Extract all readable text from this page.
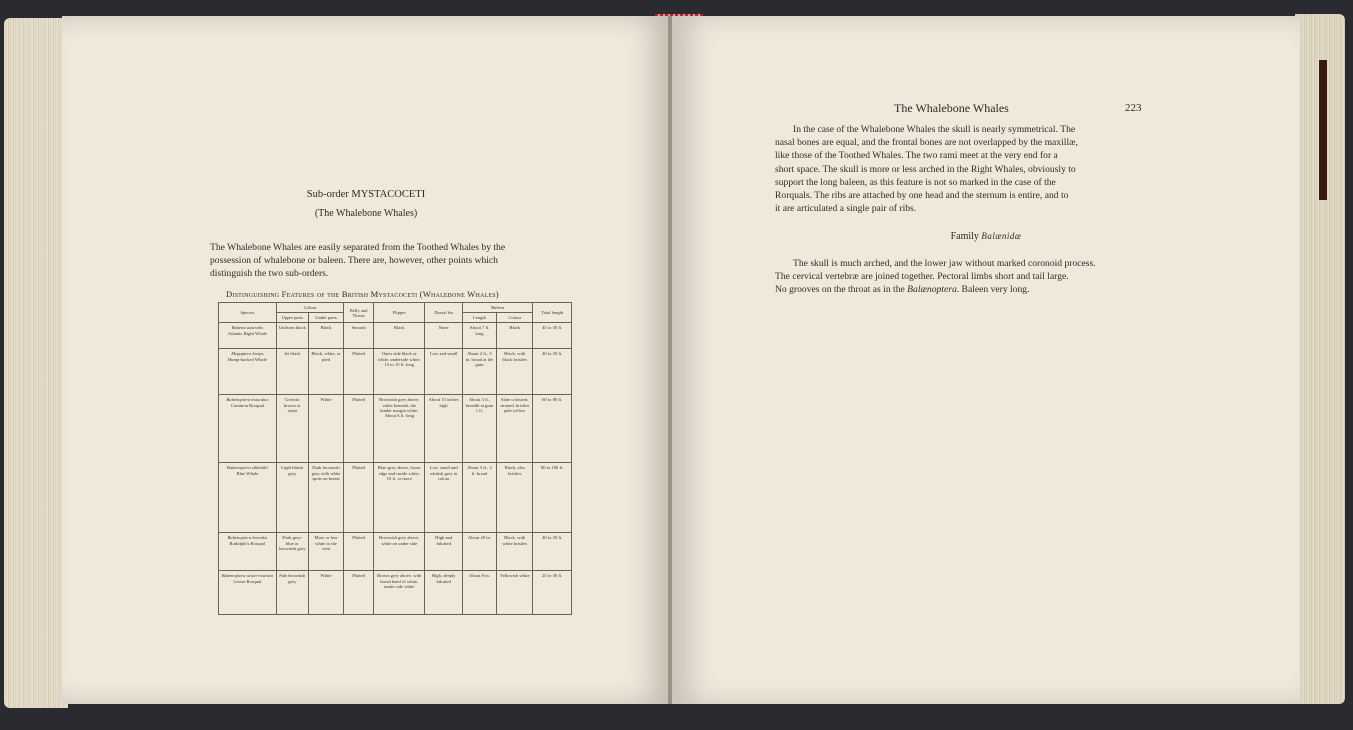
Sub-order MYSTACOCETI
(The Whalebone Whales)
The Whalebone Whales are easily separated from the Toothed Whales by the
possession of whalebone or baleen. There are, however, other points which
distinguish the two sub-orders.
Distinguishing Features of the British Mystacoceti (Whalebone Whales)
Species	Colour		Belly and Throat	Flipper	Dorsal fin	Baleen		Total length
	Upper parts	Under parts				Length	Colour	

Balæna australis
Atlantic Right Whale	Uniform black	Black	Smooth	Black	None	About 7 ft. long	Black	45 to 50 ft.

Megaptera boöps
Hump-backed Whale	Jet black	Black, white, or pied	Plaited	Outer side black or white, underside white. 13 to 15 ft. long	Low and small	About 2 ft., 5 in. broad at the gum	Black, with black bristles	40 to 50 ft.

Balænoptera musculus
Common Rorqual	Greyish brown or sepia	White	Plaited	Brownish grey above, white beneath, the hinder margin white. About 6 ft. long	About 15 inches high	About 3 ft., breadth at gum 1 ft.	Slate coloured, striated, bristles pale yellow	60 to 80 ft.

Balænoptera sibbaldii
Blue Whale	Light bluish grey	Dark brownish grey with white spots on breast	Plaited	Blue-grey above, lower edge and inside white. 10 ft. or more	Low, small and whitish grey in colour	About 3 ft., 2 ft. broad	Black, also bristles	80 to 100 ft.

Balænoptera borealis
Rudolphi's Rorqual	Dark grey-blue or brownish grey	More or less white to the vent	Plaited	Brownish grey above, white on under side	High and falcated	About 20 in.	Black, with white bristles	40 to 50 ft.

Balænoptera acuto-rostrata
Lesser Rorqual	Pale brownish grey	White	Plaited	Brown grey above, with broad band of white, under side white	High, deeply falcated	About 8 in.	Yellowish white	25 to 30 ft.
The Whalebone Whales	223
In the case of the Whalebone Whales the skull is nearly symmetrical. The
nasal bones are equal, and the frontal bones are not overlapped by the maxillæ,
like those of the Toothed Whales. The two rami meet at the very end for a
short space. The skull is more or less arched in the Right Whales, obviously to
support the long baleen, as this feature is not so marked in the case of the
Rorquals. The ribs are attached by one head and the sternum is entire, and to
it are articulated a single pair of ribs.
Family Balænidæ
The skull is much arched, and the lower jaw without marked coronoid process.
The cervical vertebræ are joined together. Pectoral limbs short and tail large.
No grooves on the throat as in the Balænoptera. Baleen very long.
